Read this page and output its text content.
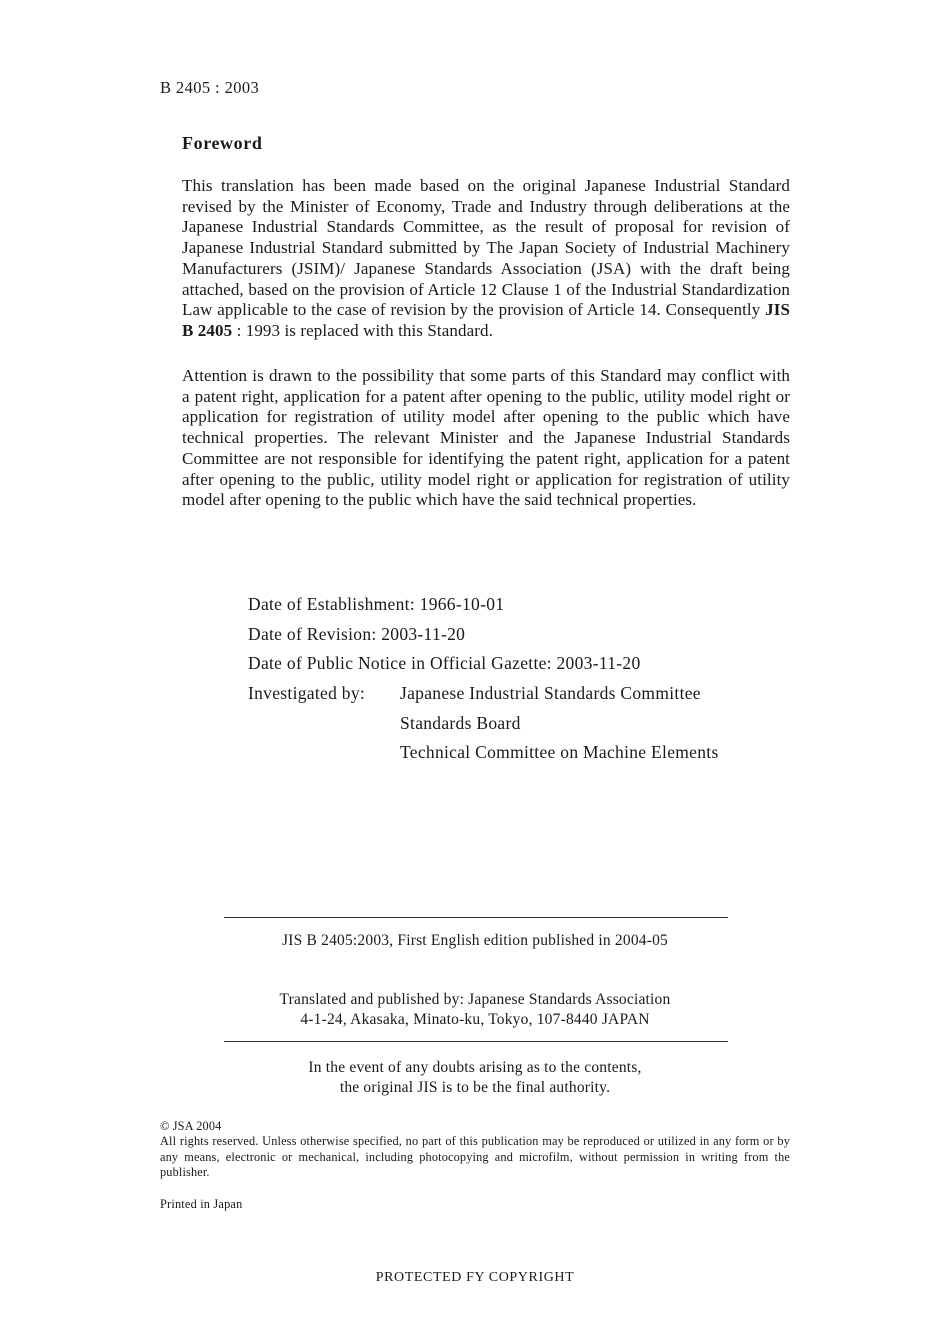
B 2405 : 2003
Foreword
This translation has been made based on the original Japanese Industrial Standard revised by the Minister of Economy, Trade and Industry through deliberations at the Japanese Industrial Standards Committee, as the result of proposal for revision of Japanese Industrial Standard submitted by The Japan Society of Industrial Machinery Manufacturers (JSIM)/ Japanese Standards Association (JSA) with the draft being attached, based on the provision of Article 12 Clause 1 of the Industrial Standardization Law applicable to the case of revision by the provision of Article 14. Consequently JIS B 2405 : 1993 is replaced with this Standard.
Attention is drawn to the possibility that some parts of this Standard may conflict with a patent right, application for a patent after opening to the public, utility model right or application for registration of utility model after opening to the public which have technical properties. The relevant Minister and the Japanese Industrial Standards Committee are not responsible for identifying the patent right, application for a patent after opening to the public, utility model right or application for registration of utility model after opening to the public which have the said technical properties.
Date of Establishment: 1966-10-01
Date of Revision: 2003-11-20
Date of Public Notice in Official Gazette: 2003-11-20
Investigated by: Japanese Industrial Standards Committee
Standards Board
Technical Committee on Machine Elements
JIS B 2405:2003, First English edition published in 2004-05
Translated and published by: Japanese Standards Association
4-1-24, Akasaka, Minato-ku, Tokyo, 107-8440 JAPAN
In the event of any doubts arising as to the contents,
the original JIS is to be the final authority.
© JSA 2004
All rights reserved. Unless otherwise specified, no part of this publication may be reproduced or utilized in any form or by any means, electronic or mechanical, including photocopying and microfilm, without permission in writing from the publisher.
Printed in Japan
PROTECTED FY COPYRIGHT
